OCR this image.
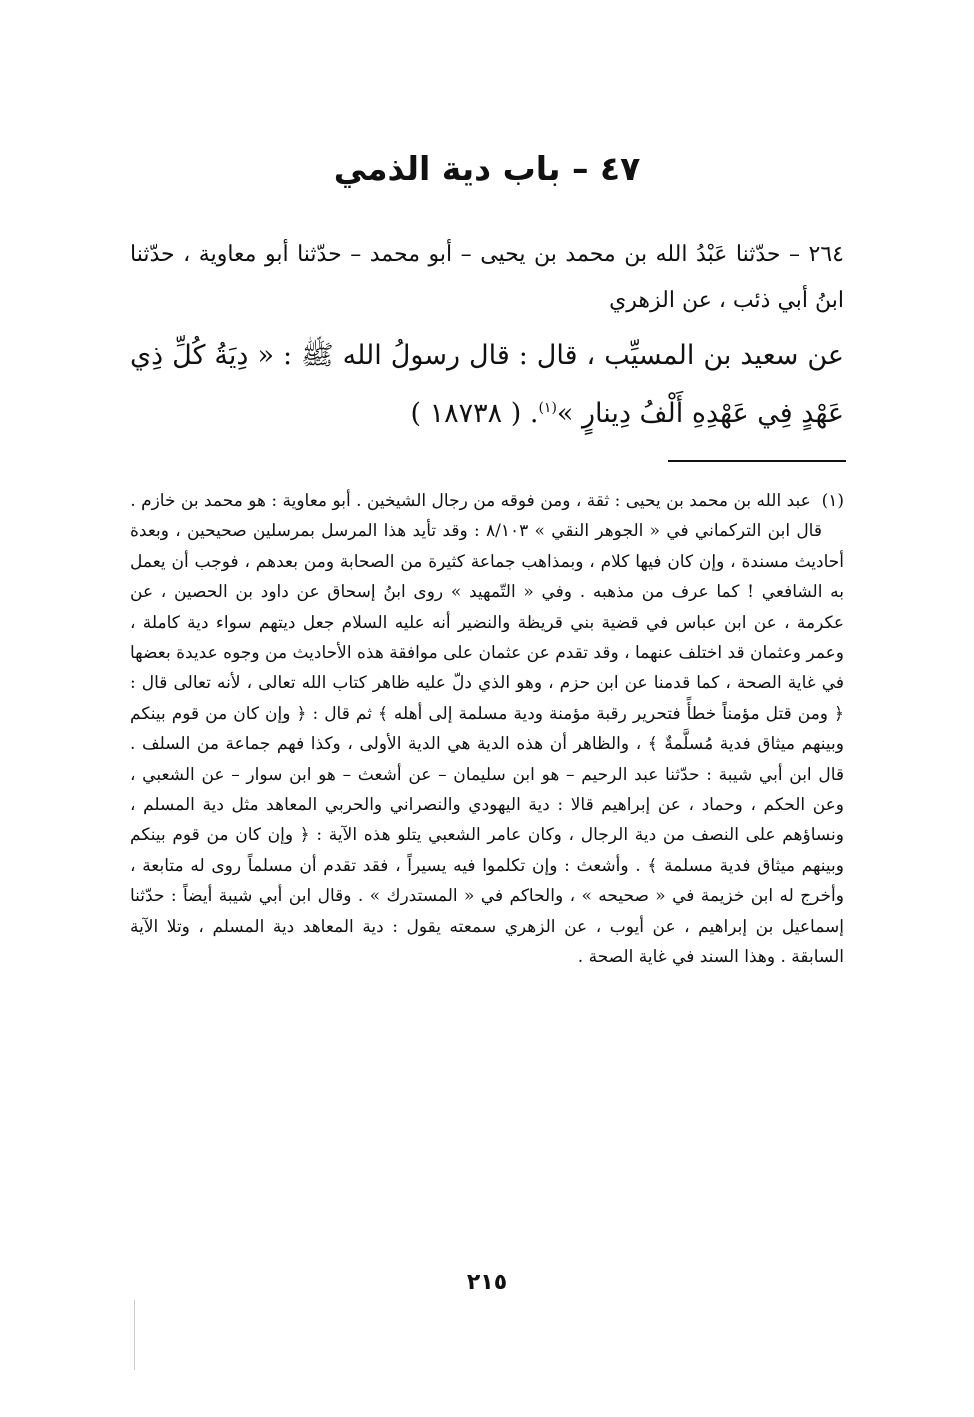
٤٧ – باب دية الذمي
٢٦٤ – حدّثنا عَبْدُ الله بن محمد بن يحيى – أبو محمد – حدّثنا أبو معاوية ، حدّثنا ابنُ أبي ذئب ، عن الزهري
عن سعيد بن المسيِّب ، قال : قال رسولُ الله ﷺ : « دِيَةُ كُلِّ ذِي عَهْدٍ فِي عَهْدِهِ أَلْفُ دِينارٍ »$^{(١)}$. ( ١٨٧٣٨ )
(١)  عبد الله بن محمد بن يحيى : ثقة ، ومن فوقه من رجال الشيخين . أبو معاوية : هو محمد بن خازم .
قال ابن التركماني في « الجوهر النقي » ٨/١٠٣ : وقد تأيد هذا المرسل بمرسلين صحيحين ، وبعدة أحاديث مسندة ، وإن كان فيها كلام ، وبمذاهب جماعة كثيرة من الصحابة ومن بعدهم ، فوجب أن يعمل به الشافعي ! كما عرف من مذهبه . وفي « التّمهيد » روى ابنُ إسحاق عن داود بن الحصين ، عن عكرمة ، عن ابن عباس في قضية بني قريظة والنضير أنه عليه السلام جعل ديتهم سواء دية كاملة ، وعمر وعثمان قد اختلف عنهما ، وقد تقدم عن عثمان على موافقة هذه الأحاديث من وجوه عديدة بعضها في غاية الصحة ، كما قدمنا عن ابن حزم ، وهو الذي دلّ عليه ظاهر كتاب الله تعالى ، لأنه تعالى قال : ﴿ ومن قتل مؤمناً خطأً فتحرير رقبة مؤمنة ودية مسلمة إلى أهله ﴾ ثم قال : ﴿ وإن كان من قوم بينكم وبينهم ميثاق فدية مُسلَّمةٌ ﴾ ، والظاهر أن هذه الدية هي الدية الأولى ، وكذا فهم جماعة من السلف . قال ابن أبي شيبة : حدّثنا عبد الرحيم – هو ابن سليمان – عن أشعث – هو ابن سوار – عن الشعبي ، وعن الحكم ، وحماد ، عن إبراهيم قالا : دية اليهودي والنصراني والحربي المعاهد مثل دية المسلم ، ونساؤهم على النصف من دية الرجال ، وكان عامر الشعبي يتلو هذه الآية : ﴿ وإن كان من قوم بينكم وبينهم ميثاق فدية مسلمة ﴾ . وأشعث : وإن تكلموا فيه يسيراً ، فقد تقدم أن مسلماً روى له متابعة ، وأخرج له ابن خزيمة في « صحيحه » ، والحاكم في « المستدرك » . وقال ابن أبي شيبة أيضاً : حدّثنا إسماعيل بن إبراهيم ، عن أيوب ، عن الزهري سمعته يقول : دية المعاهد دية المسلم ، وتلا الآية السابقة . وهذا السند في غاية الصحة .
٢١٥
